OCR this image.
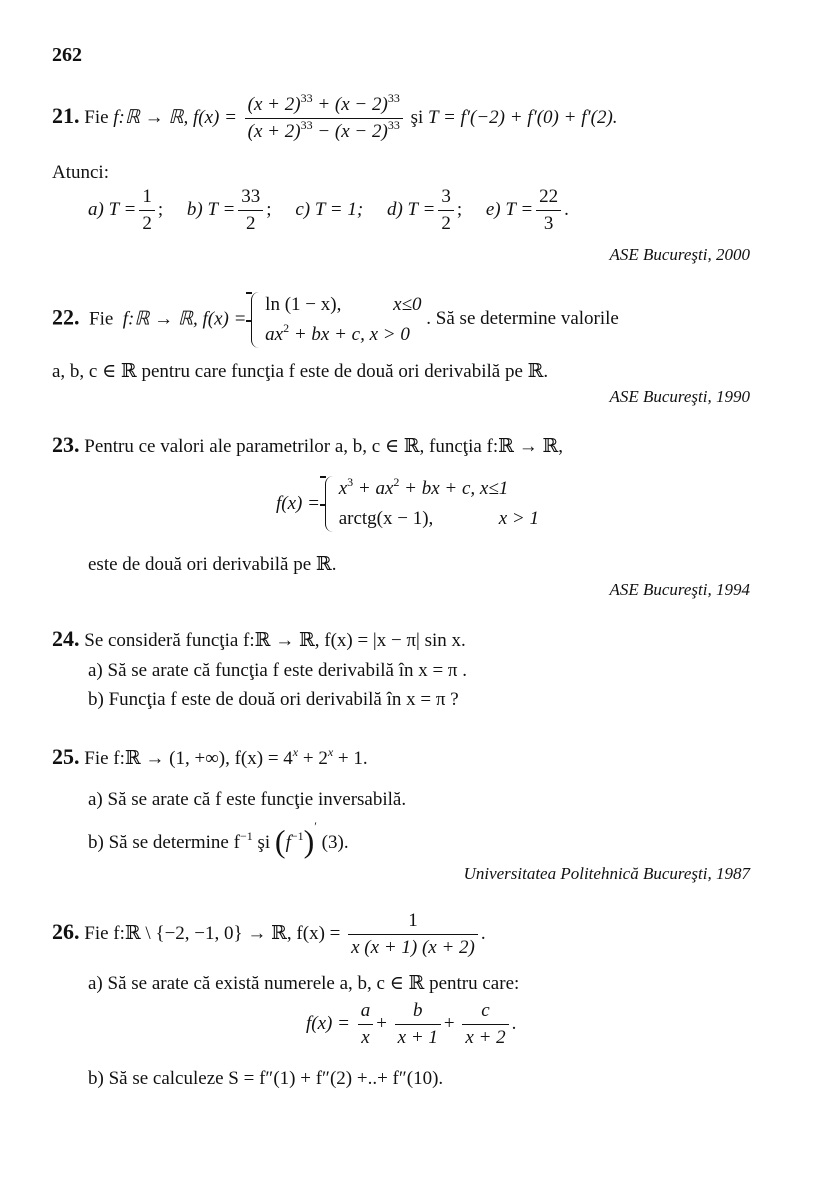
262
21. Fie f:ℝ → ℝ, $f(x) = \frac{(x + 2)^{33} + (x - 2)^{33}}{(x + 2)^{33} - (x - 2)^{33}}$ şi T = f′(−2) + f′(0) + f′(2).
Atunci:
a) $T = \frac{1}{2}$ ; b) $T = \frac{33}{2}$ ; c) T = 1; d) $T = \frac{3}{2}$ ; e) $T = \frac{22}{3}$ .
ASE Bucureşti, 2000
22. Fie f:ℝ → ℝ, f(x) =
ln (1 − x),	x≤0
$ax^2$ + bx + c, x > 0
. Să se determine valorile
a, b, c ∈ ℝ pentru care funcţia f este de două ori derivabilă pe ℝ.
ASE Bucureşti, 1990
23. Pentru ce valori ale parametrilor a, b, c ∈ ℝ, funcţia f:ℝ → ℝ,
f(x) =
$x^3 + ax^2$ + bx + c, x≤1
arctg(x − 1),	x > 1
este de două ori derivabilă pe ℝ.
ASE Bucureşti, 1994
24. Se consideră funcţia f:ℝ → ℝ, f(x) = |x − π| sin x.
a) Să se arate că funcţia f este derivabilă în x = π .
b) Funcţia f este de două ori derivabilă în x = π ?
25. Fie f:ℝ → (1, +∞), $f(x) = 4^x + 2^x + 1$.
a) Să se arate că f este funcţie inversabilă.
b) Să se determine $f^{-1}$ şi $(f^{-1})'$ (3).
Universitatea Politehnică Bucureşti, 1987
26. Fie f:ℝ \ {−2, −1, 0} → ℝ, $f(x) = \frac{1}{x (x + 1) (x + 2)}$ .
a) Să se arate că există numerele a, b, c ∈ ℝ pentru care:
$f(x) = \frac{a}{x} + \frac{b}{x + 1} + \frac{c}{x + 2}$ .
b) Să se calculeze S = f″(1) + f″(2) +..+ f″(10).
